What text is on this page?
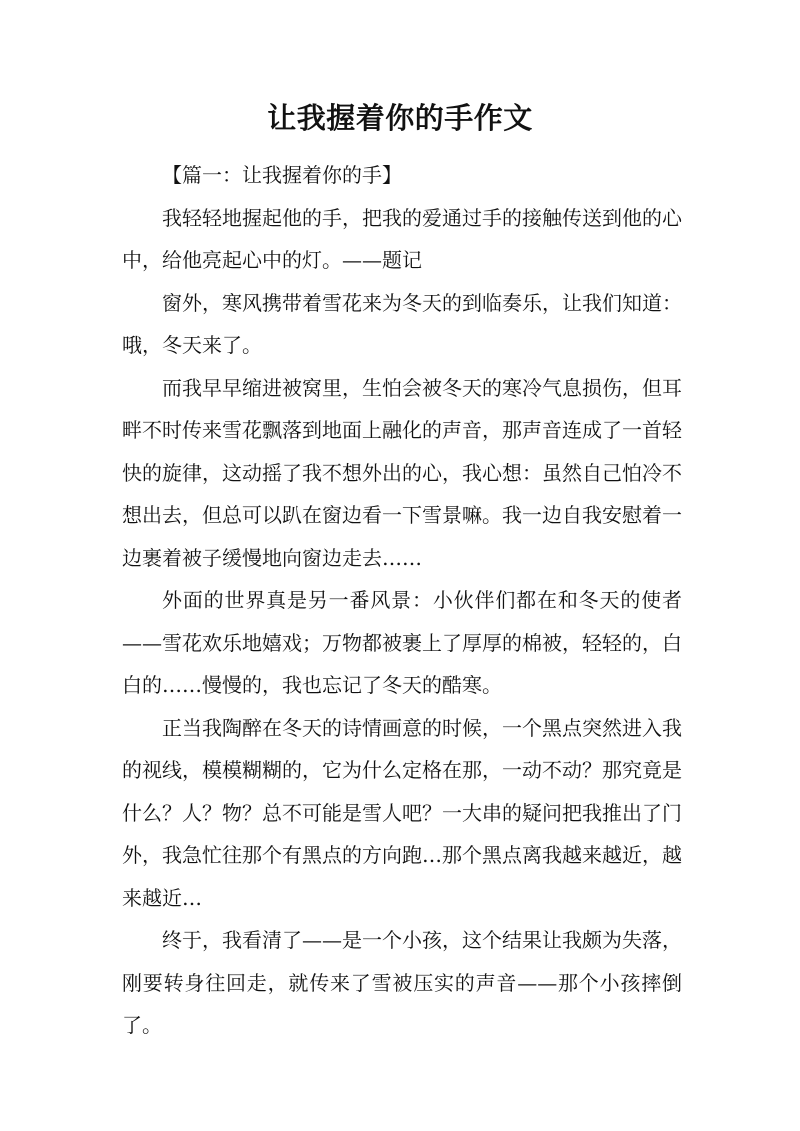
让我握着你的手作文

【篇一：让我握着你的手】

我轻轻地握起他的手，把我的爱通过手的接触传送到他的心中，给他亮起心中的灯。——题记

窗外，寒风携带着雪花来为冬天的到临奏乐，让我们知道：哦，冬天来了。

而我早早缩进被窝里，生怕会被冬天的寒冷气息损伤，但耳畔不时传来雪花飘落到地面上融化的声音，那声音连成了一首轻快的旋律，这动摇了我不想外出的心，我心想：虽然自己怕冷不想出去，但总可以趴在窗边看一下雪景嘛。我一边自我安慰着一边裹着被子缓慢地向窗边走去……

外面的世界真是另一番风景：小伙伴们都在和冬天的使者——雪花欢乐地嬉戏；万物都被裹上了厚厚的棉被，轻轻的，白白的……慢慢的，我也忘记了冬天的酷寒。

正当我陶醉在冬天的诗情画意的时候，一个黑点突然进入我的视线，模模糊糊的，它为什么定格在那，一动不动？那究竟是什么？人？物？总不可能是雪人吧？一大串的疑问把我推出了门外，我急忙往那个有黑点的方向跑…那个黑点离我越来越近，越来越近…

终于，我看清了——是一个小孩，这个结果让我颇为失落，刚要转身往回走，就传来了雪被压实的声音——那个小孩摔倒了。
